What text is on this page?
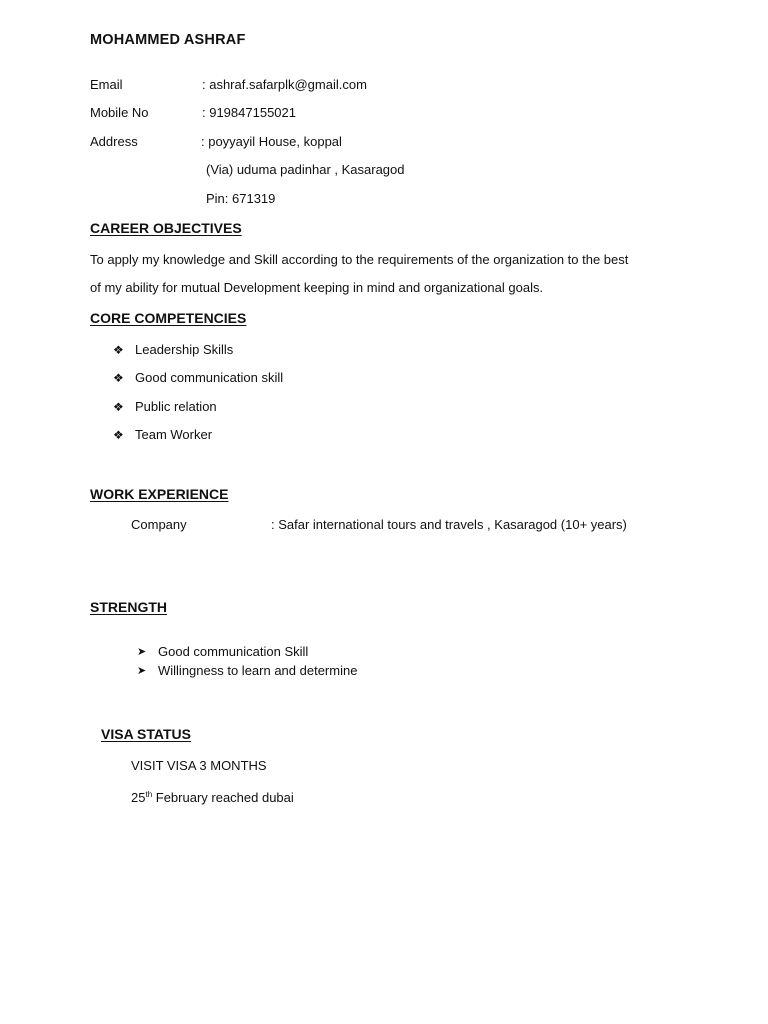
MOHAMMED ASHRAF
Email	: ashraf.safarplk@gmail.com
Mobile No	: 919847155021
Address	: poyyayil House, koppal
(Via) uduma padinhar , Kasaragod
Pin: 671319
CAREER OBJECTIVES
To apply my knowledge and Skill according to the requirements of the organization to the best
of my ability for mutual Development keeping in mind and organizational goals.
CORE COMPETENCIES
❖ Leadership Skills
❖ Good communication skill
❖ Public relation
❖ Team Worker
WORK EXPERIENCE
Company	: Safar international tours and travels , Kasaragod (10+ years)
STRENGTH
➤ Good communication Skill
➤ Willingness to learn and determine
VISA STATUS
VISIT VISA 3 MONTHS
25th February reached dubai
